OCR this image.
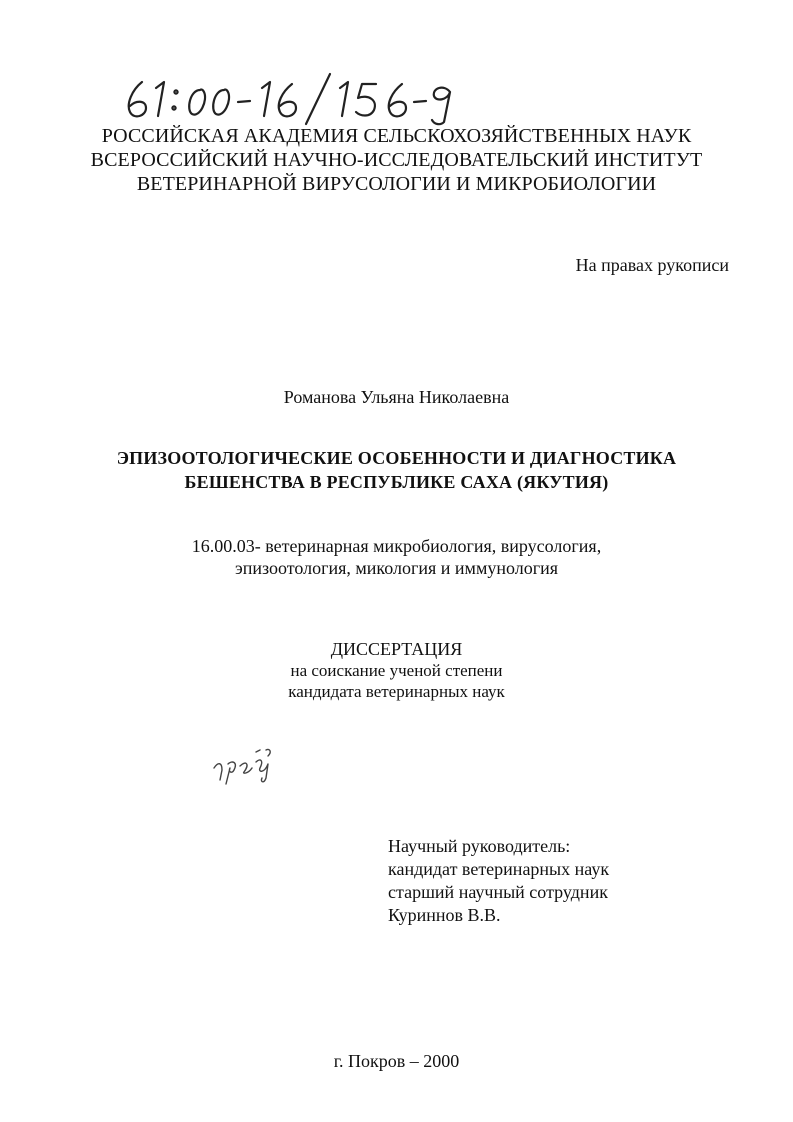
РОССИЙСКАЯ АКАДЕМИЯ СЕЛЬСКОХОЗЯЙСТВЕННЫХ НАУК
ВСЕРОССИЙСКИЙ НАУЧНО-ИССЛЕДОВАТЕЛЬСКИЙ ИНСТИТУТ
ВЕТЕРИНАРНОЙ ВИРУСОЛОГИИ И МИКРОБИОЛОГИИ
На правах рукописи
Романова Ульяна Николаевна
ЭПИЗООТОЛОГИЧЕСКИЕ ОСОБЕННОСТИ И ДИАГНОСТИКА
БЕШЕНСТВА В РЕСПУБЛИКЕ САХА (ЯКУТИЯ)
16.00.03- ветеринарная микробиология, вирусология,
эпизоотология, микология и иммунология
ДИССЕРТАЦИЯ
на соискание ученой степени
кандидата ветеринарных наук
Научный руководитель:
кандидат ветеринарных наук
старший научный сотрудник
Куриннов В.В.
г. Покров – 2000
